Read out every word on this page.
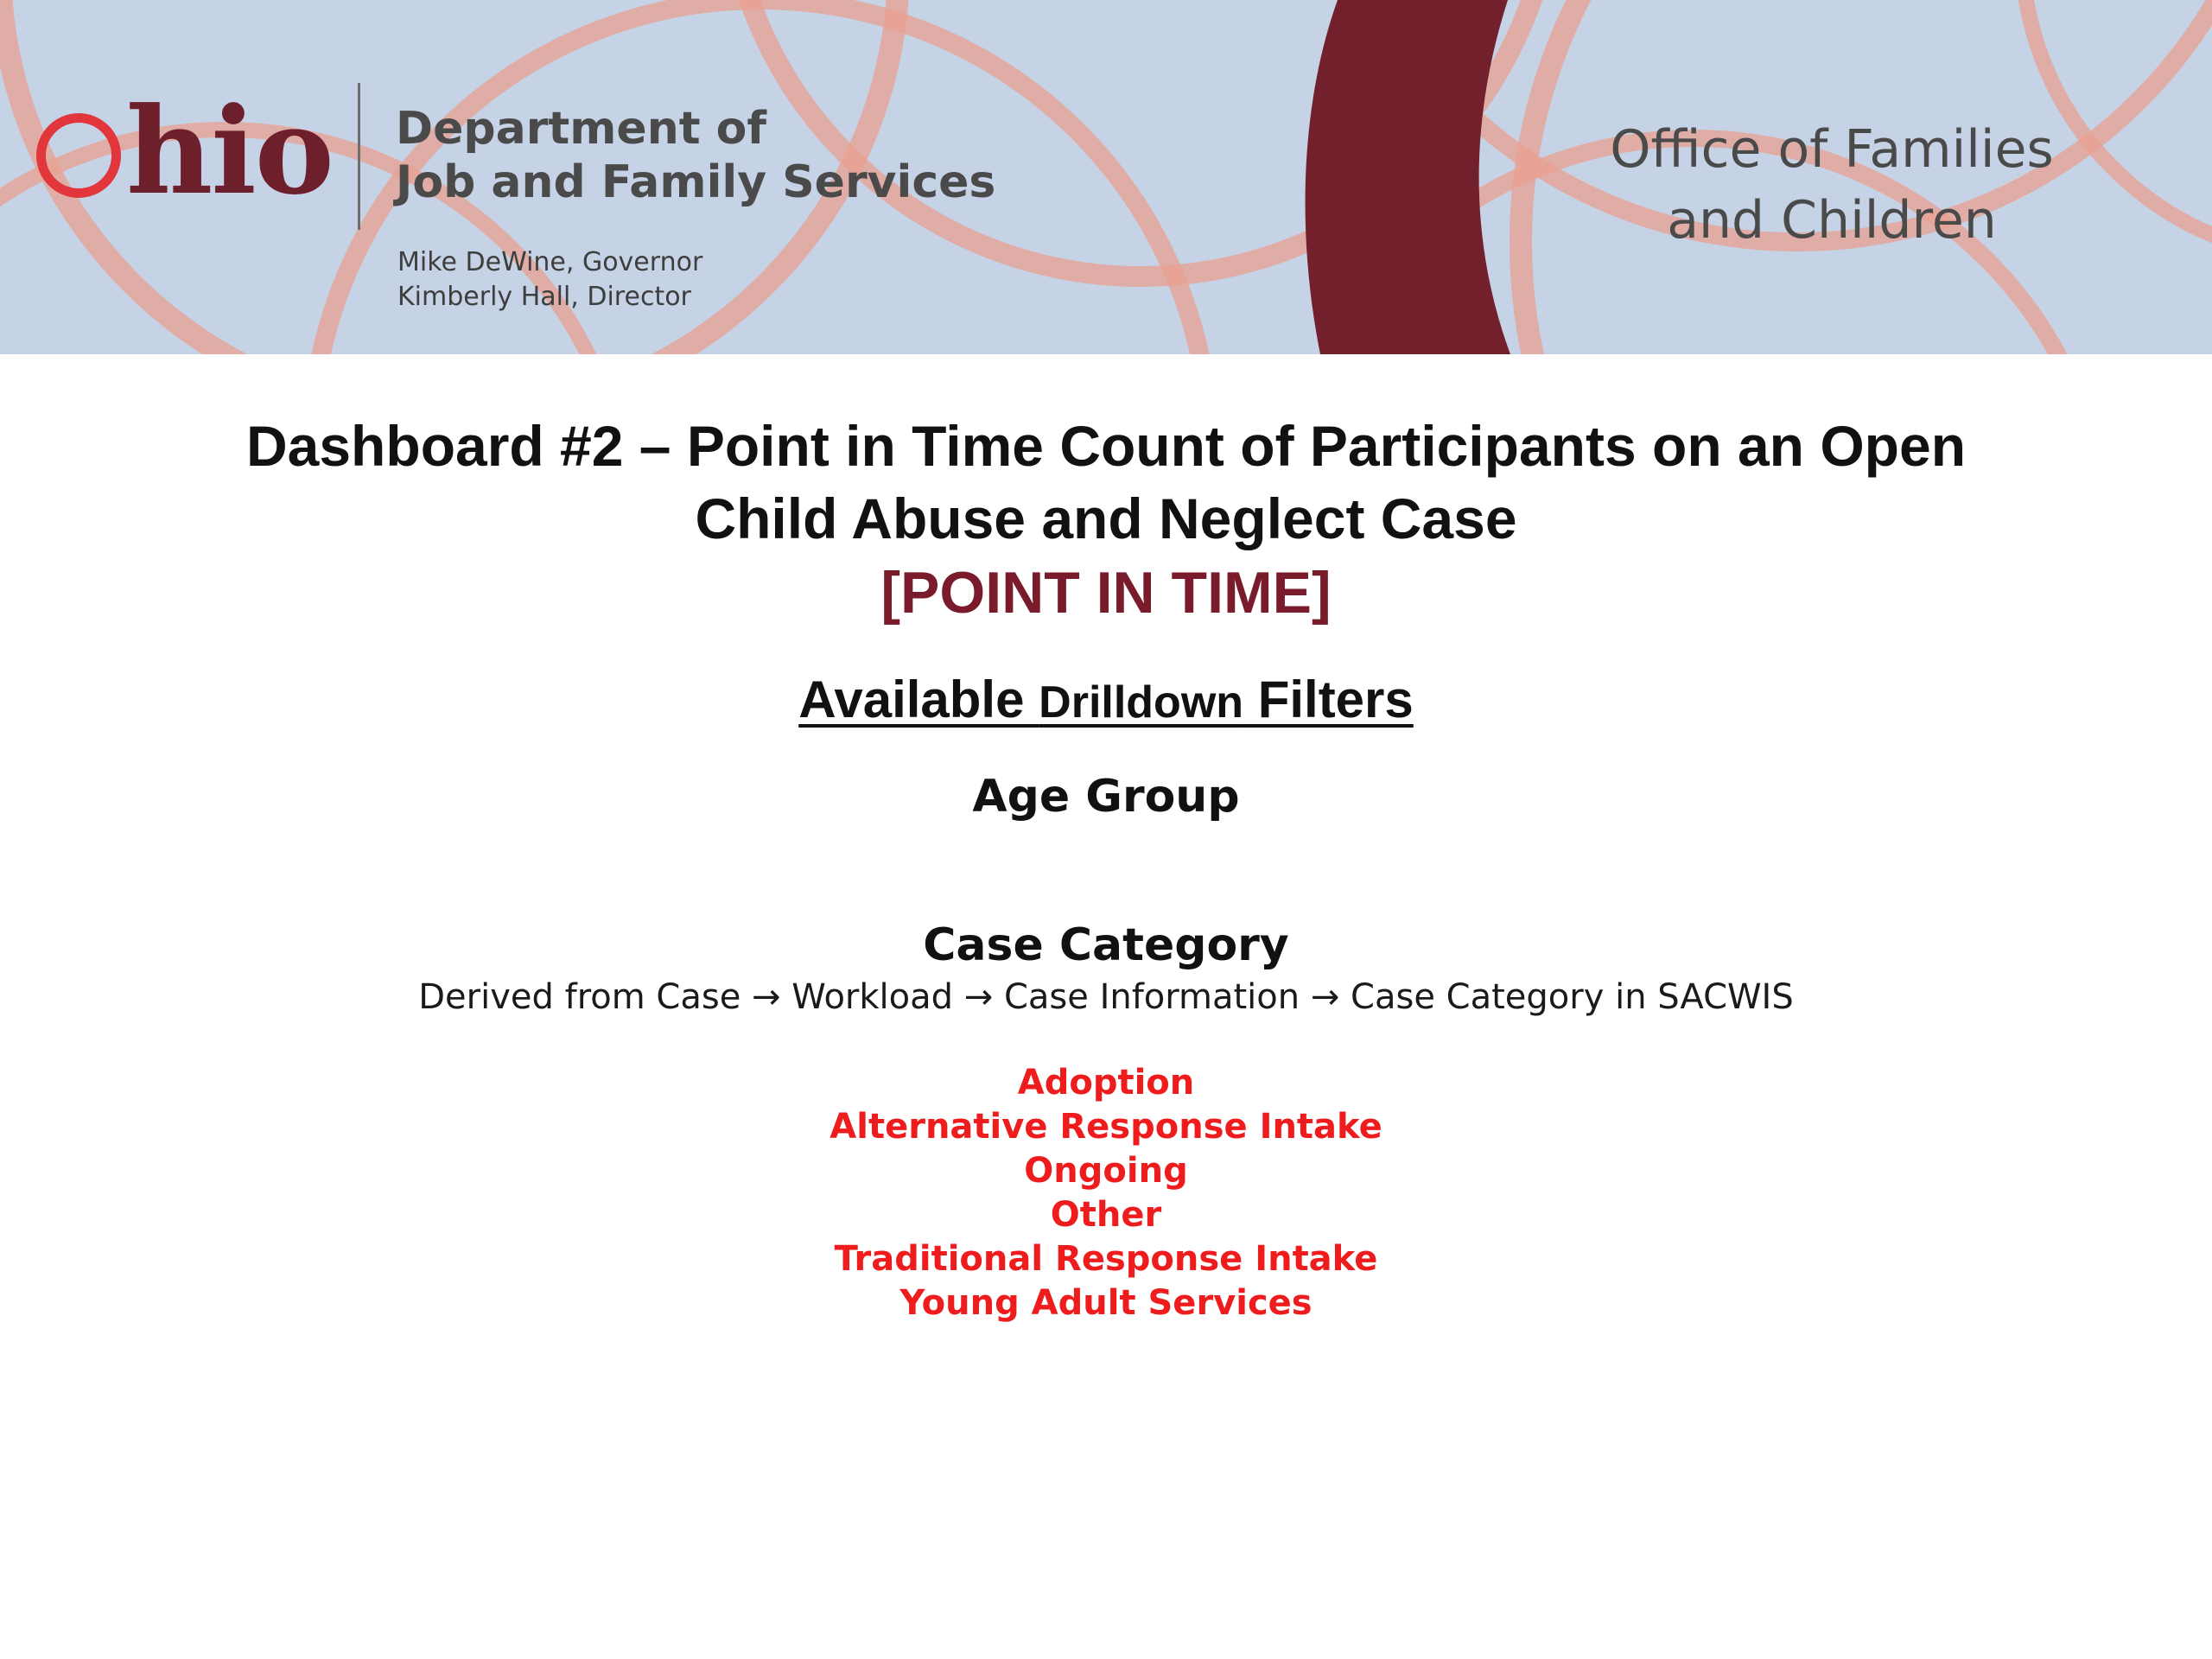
hio Department of
Job and Family Services
Mike DeWine, Governor
Kimberly Hall, Director
Office of Families
and Children
Dashboard #2 – Point in Time Count of Participants on an Open
Child Abuse and Neglect Case
[POINT IN TIME]
Available Drilldown Filters
Age Group
Case Category
Derived from Case → Workload → Case Information → Case Category in SACWIS
Adoption
Alternative Response Intake
Ongoing
Other
Traditional Response Intake
Young Adult Services
